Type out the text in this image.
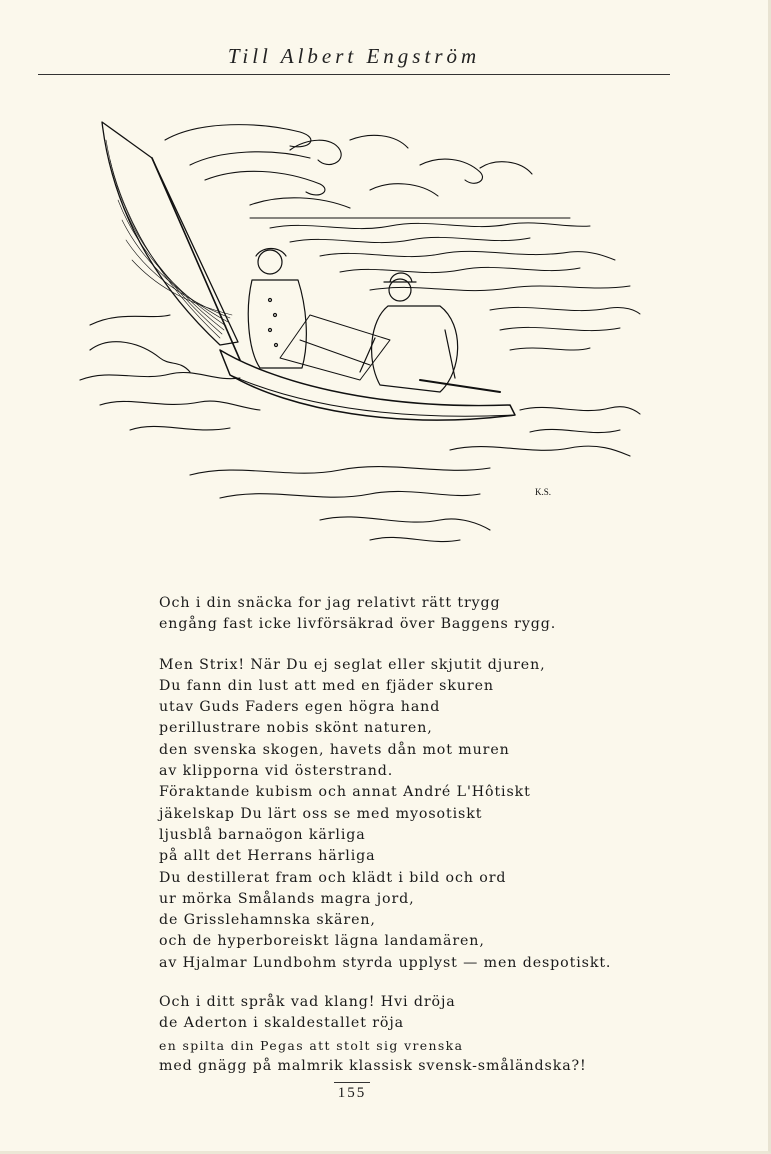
Till Albert Engström
K.S.
Och i din snäcka for jag relativt rätt trygg
engång fast icke livförsäkrad över Baggens rygg.
Men Strix! När Du ej seglat eller skjutit djuren,
Du fann din lust att med en fjäder skuren
utav Guds Faders egen högra hand
perillustrare nobis skönt naturen,
den svenska skogen, havets dån mot muren
av klipporna vid österstrand.
Föraktande kubism och annat André L'Hôtiskt
jäkelskap Du lärt oss se med myosotiskt
ljusblå barnaögon kärliga
på allt det Herrans härliga
Du destillerat fram och klädt i bild och ord
ur mörka Smålands magra jord,
de Grisslehamnska skären,
och de hyperboreiskt lägna landamären,
av Hjalmar Lundbohm styrda upplyst — men despotiskt.
Och i ditt språk vad klang! Hvi dröja
de Aderton i skaldestallet röja
en spilta din Pegas att stolt sig vrenska
med gnägg på malmrik klassisk svensk-småländska?!
155
